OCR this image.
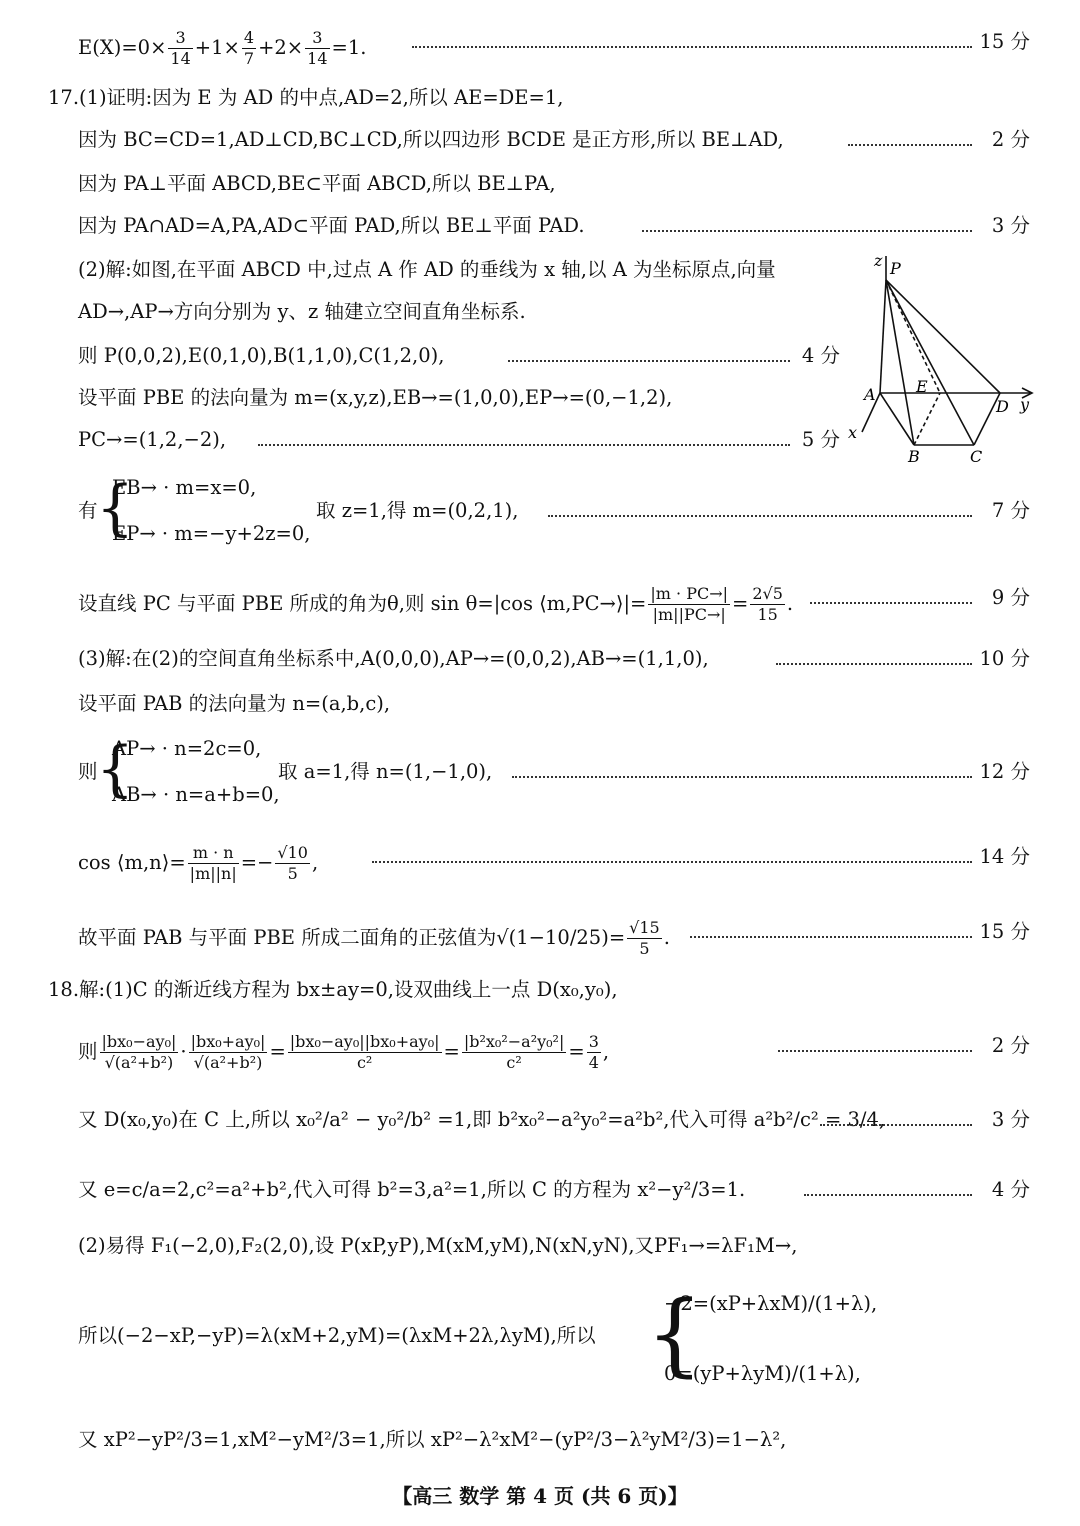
$E(X)=0\times \frac{3}{14} +1\times \frac{4}{7} +2\times \frac{3}{14} =1$.	15 分
17.(1)证明:因为 E 为 AD 的中点,AD=2,所以 AE=DE=1,
因为 BC=CD=1,AD⊥CD,BC⊥CD,所以四边形 BCDE 是正方形,所以 BE⊥AD,	2 分
因为 PA⊥平面 ABCD,BE⊂平面 ABCD,所以 BE⊥PA,
因为 PA∩AD=A,PA,AD⊂平面 PAD,所以 BE⊥平面 PAD.	3 分
(2)解:如图,在平面 ABCD 中,过点 A 作 AD 的垂线为 x 轴,以 A 为坐标原点,向量
AD→,AP→方向分别为 y、z 轴建立空间直角坐标系.
则 P(0,0,2),E(0,1,0),B(1,1,0),C(1,2,0),	4 分
设平面 PBE 的法向量为 m=(x,y,z),EB→=(1,0,0),EP→=(0,−1,2),
PC→=(1,2,−2),	5 分
z P
A	E
D y
x
B	C
有
{
EB→ · m=x=0,
EP→ · m=−y+2z=0,
取 z=1,得 m=(0,2,1),	7 分
设直线 PC 与平面 PBE 所成的角为θ,则 sin θ=|cos ⟨m,PC→⟩|= $\frac{|m \cdot PC\to|}{|m||PC\to|} = \frac{2√5}{15}$ .	9 分
(3)解:在(2)的空间直角坐标系中,A(0,0,0),AP→=(0,0,2),AB→=(1,1,0),	10 分
设平面 PAB 的法向量为 n=(a,b,c),
则
{
AP→ · n=2c=0,
AB→ · n=a+b=0,
取 a=1,得 n=(1,−1,0),	12 分
cos ⟨m,n⟩= $\frac{m \cdot n}{|m||n|} =- \frac{√10}{5}$ ,	14 分
故平面 PAB 与平面 PBE 所成二面角的正弦值为$√(1-10/25)= \frac{√15}{5}$ .	15 分
18.解:(1)C 的渐近线方程为 bx±ay=0,设双曲线上一点 D(x₀,y₀),
则 $\frac{\text{|bx₀−ay₀|}}{\text{√(a²+b²)}} \cdot \frac{\text{|bx₀+ay₀|}}{\text{√(a²+b²)}} = \frac{\text{|bx₀−ay₀||bx₀+ay₀|}}{\text{c²}} = \frac{\text{|b²x₀²−a²y₀²|}}{\text{c²}} = \frac{3}{4}$ ,	2 分
又 D(x₀,y₀)在 C 上,所以 x₀²/a² − y₀²/b² =1,即 b²x₀²−a²y₀²=a²b²,代入可得 a²b²/c² = 3/4,	3 分
又 e=c/a=2,c²=a²+b²,代入可得 b²=3,a²=1,所以 C 的方程为 x²−y²/3=1.	4 分
(2)易得 F₁(−2,0),F₂(2,0),设 P(xP,yP),M(xM,yM),N(xN,yN),又PF₁→=λF₁M→,
所以(−2−xP,−yP)=λ(xM+2,yM)=(λxM+2λ,λyM),所以 {
−2=(xP+λxM)/(1+λ),
0=(yP+λyM)/(1+λ),
又 xP²−yP²/3=1,xM²−yM²/3=1,所以 xP²−λ²xM²−(yP²/3−λ²yM²/3)=1−λ²,
【高三 数学 第 4 页 (共 6 页)】
